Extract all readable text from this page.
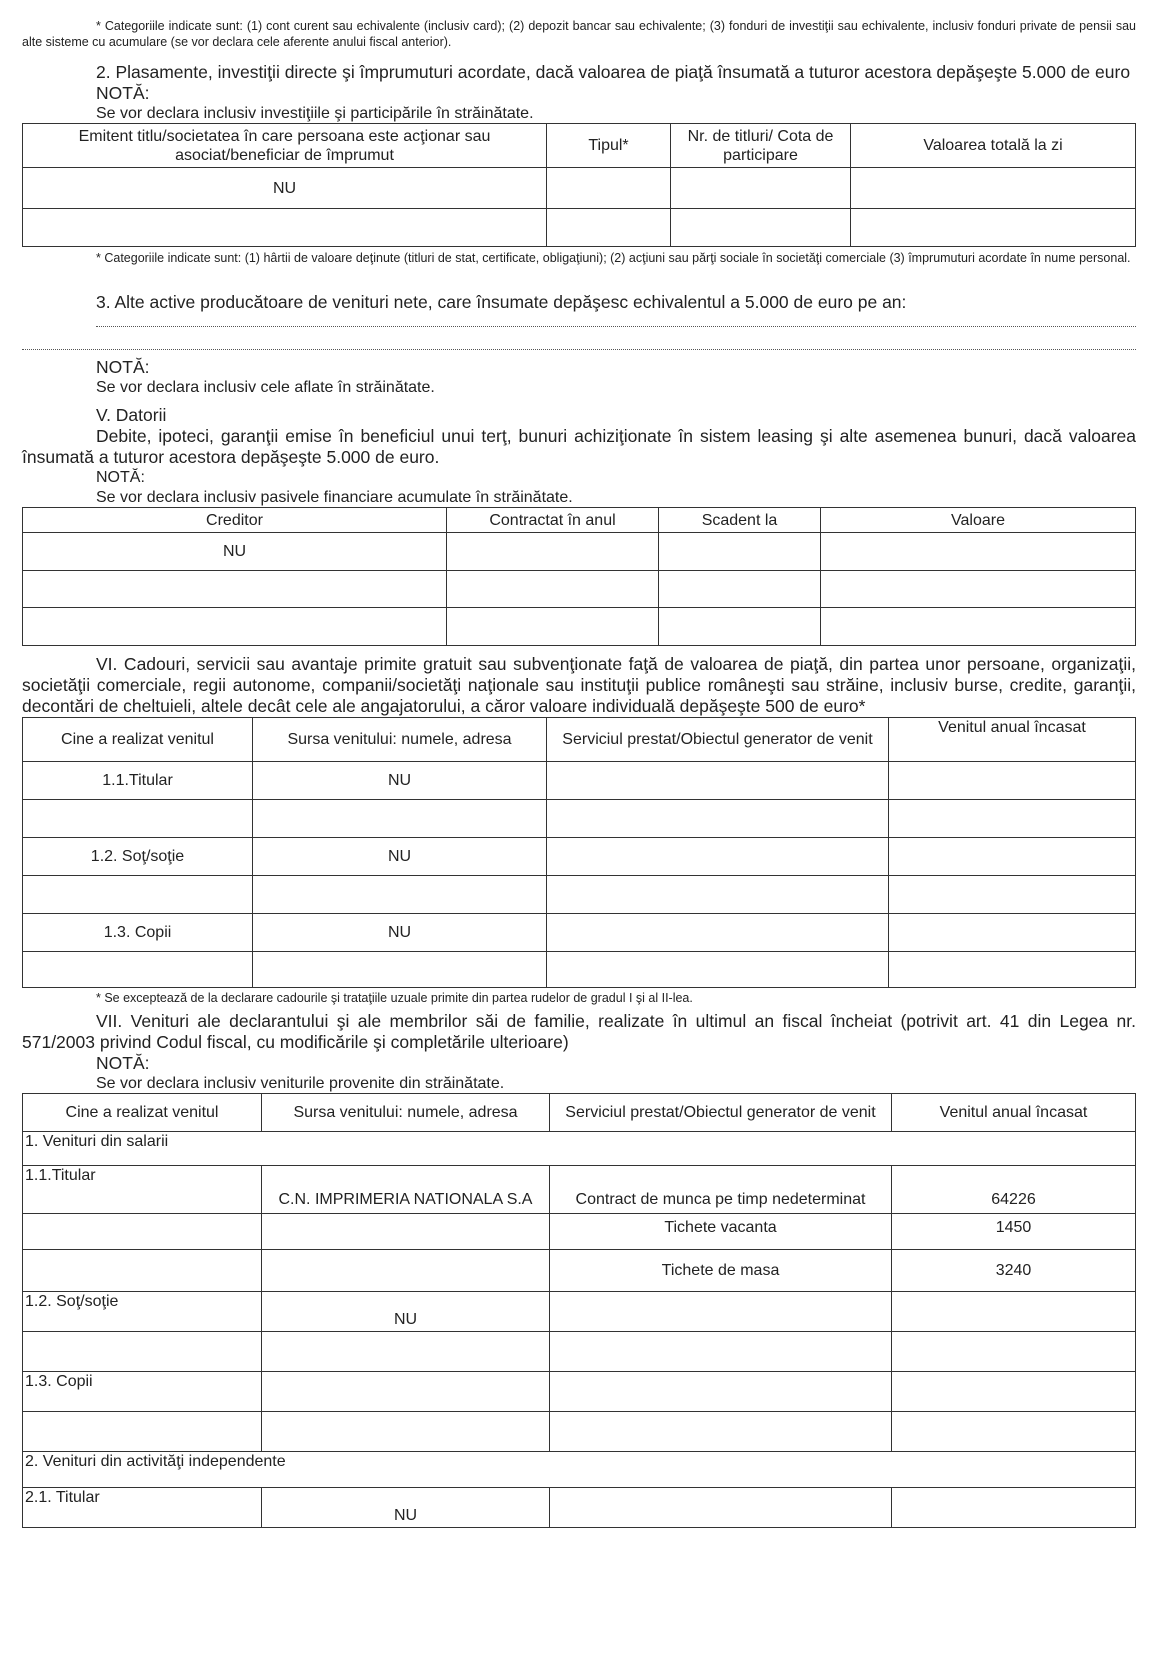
* Categoriile indicate sunt: (1) cont curent sau echivalente (inclusiv card); (2) depozit bancar sau echivalente; (3) fonduri de investiţii sau echivalente, inclusiv fonduri private de pensii sau alte sisteme cu acumulare (se vor declara cele aferente anului fiscal anterior).
2. Plasamente, investiţii directe şi împrumuturi acordate, dacă valoarea de piaţă însumată a tuturor acestora depăşeşte 5.000 de euro
NOTĂ:
Se vor declara inclusiv investiţiile şi participările în străinătate.
Emitent titlu/societatea în care persoana este acţionar sau asociat/beneficiar de împrumut	Tipul*	Nr. de titluri/ Cota de participare	Valoarea totală la zi
NU			

* Categoriile indicate sunt: (1) hârtii de valoare deţinute (titluri de stat, certificate, obligaţiuni); (2) acţiuni sau părţi sociale în societăţi comerciale (3) împrumuturi acordate în nume personal.
3. Alte active producătoare de venituri nete, care însumate depăşesc echivalentul a 5.000 de euro pe an:
NOTĂ:
Se vor declara inclusiv cele aflate în străinătate.
V. Datorii
Debite, ipoteci, garanţii emise în beneficiul unui terţ, bunuri achiziţionate în sistem leasing şi alte asemenea bunuri, dacă valoarea însumată a tuturor acestora depăşeşte 5.000 de euro.
NOTĂ:
Se vor declara inclusiv pasivele financiare acumulate în străinătate.
Creditor	Contractat în anul	Scadent la	Valoare
NU			

VI. Cadouri, servicii sau avantaje primite gratuit sau subvenţionate faţă de valoarea de piaţă, din partea unor persoane, organizaţii, societăţii comerciale, regii autonome, companii/societăţi naţionale sau instituţii publice româneşti sau străine, inclusiv burse, credite, garanţii, decontări de cheltuieli, altele decât cele ale angajatorului, a căror valoare individuală depăşeşte 500 de euro*
Cine a realizat venitul	Sursa venitului: numele, adresa	Serviciul prestat/Obiectul generator de venit	Venitul anual încasat
1.1.Titular	NU		

1.2. Soţ/soţie	NU		

1.3. Copii	NU		

* Se exceptează de la declarare cadourile şi trataţiile uzuale primite din partea rudelor de gradul I şi al II-lea.
VII. Venituri ale declarantului şi ale membrilor săi de familie, realizate în ultimul an fiscal încheiat (potrivit art. 41 din Legea nr. 571/2003 privind Codul fiscal, cu modificările şi completările ulterioare)
NOTĂ:
Se vor declara inclusiv veniturile provenite din străinătate.
Cine a realizat venitul	Sursa venitului: numele, adresa	Serviciul prestat/Obiectul generator de venit	Venitul anual încasat
1. Venituri din salarii			
1.1.Titular	C.N. IMPRIMERIA NATIONALA S.A	Contract de munca pe timp nedeterminat	64226
		Tichete vacanta	1450
		Tichete de masa	3240
1.2. Soţ/soţie	NU		

1.3. Copii			

2. Venituri din activităţi independente			
2.1. Titular	NU		
